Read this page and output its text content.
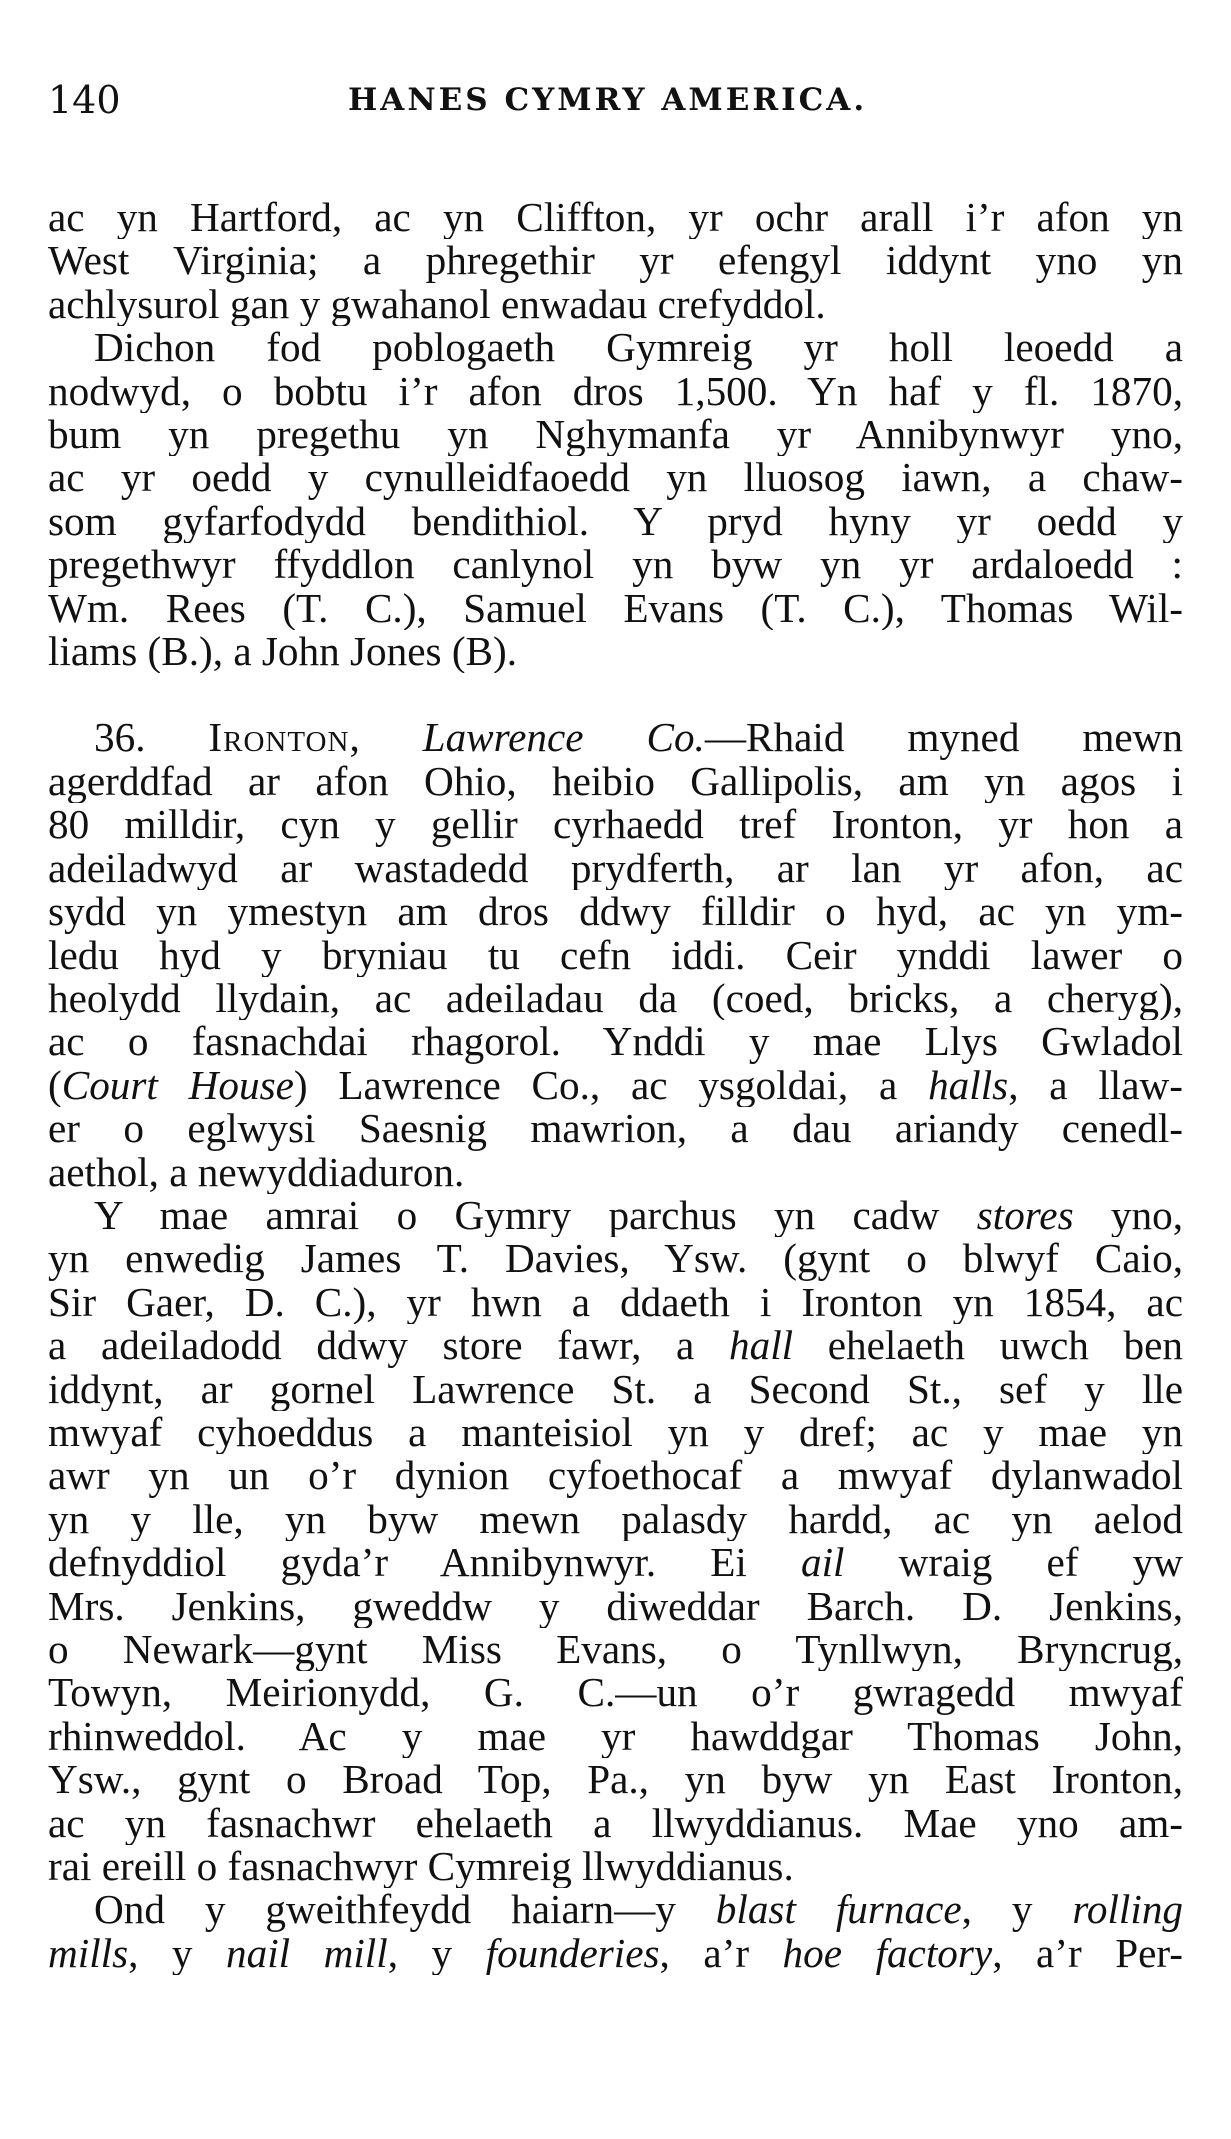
140	HANES CYMRY AMERICA.
ac yn Hartford, ac yn Cliffton, yr ochr arall i’r afon yn
West Virginia; a phregethir yr efengyl iddynt yno yn
achlysurol gan y gwahanol enwadau crefyddol.
Dichon fod poblogaeth Gymreig yr holl leoedd a
nodwyd, o bobtu i’r afon dros 1,500. Yn haf y fl. 1870,
bum yn pregethu yn Nghymanfa yr Annibynwyr yno,
ac yr oedd y cynulleidfaoedd yn lluosog iawn, a chaw-
som gyfarfodydd bendithiol. Y pryd hyny yr oedd y
pregethwyr ffyddlon canlynol yn byw yn yr ardaloedd :
Wm. Rees (T. C.), Samuel Evans (T. C.), Thomas Wil-
liams (B.), a John Jones (B).
36. Ironton, Lawrence Co.—Rhaid myned mewn
agerddfad ar afon Ohio, heibio Gallipolis, am yn agos i
80 milldir, cyn y gellir cyrhaedd tref Ironton, yr hon a
adeiladwyd ar wastadedd prydferth, ar lan yr afon, ac
sydd yn ymestyn am dros ddwy filldir o hyd, ac yn ym-
ledu hyd y bryniau tu cefn iddi. Ceir ynddi lawer o
heolydd llydain, ac adeiladau da (coed, bricks, a cheryg),
ac o fasnachdai rhagorol. Ynddi y mae Llys Gwladol
(Court House) Lawrence Co., ac ysgoldai, a halls, a llaw-
er o eglwysi Saesnig mawrion, a dau ariandy cenedl-
aethol, a newyddiaduron.
Y mae amrai o Gymry parchus yn cadw stores yno,
yn enwedig James T. Davies, Ysw. (gynt o blwyf Caio,
Sir Gaer, D. C.), yr hwn a ddaeth i Ironton yn 1854, ac
a adeiladodd ddwy store fawr, a hall ehelaeth uwch ben
iddynt, ar gornel Lawrence St. a Second St., sef y lle
mwyaf cyhoeddus a manteisiol yn y dref; ac y mae yn
awr yn un o’r dynion cyfoethocaf a mwyaf dylanwadol
yn y lle, yn byw mewn palasdy hardd, ac yn aelod
defnyddiol gyda’r Annibynwyr. Ei ail wraig ef yw
Mrs. Jenkins, gweddw y diweddar Barch. D. Jenkins,
o Newark—gynt Miss Evans, o Tynllwyn, Bryncrug,
Towyn, Meirionydd, G. C.—un o’r gwragedd mwyaf
rhinweddol. Ac y mae yr hawddgar Thomas John,
Ysw., gynt o Broad Top, Pa., yn byw yn East Ironton,
ac yn fasnachwr ehelaeth a llwyddianus. Mae yno am-
rai ereill o fasnachwyr Cymreig llwyddianus.
Ond y gweithfeydd haiarn—y blast furnace, y rolling
mills, y nail mill, y founderies, a’r hoe factory, a’r Per-
